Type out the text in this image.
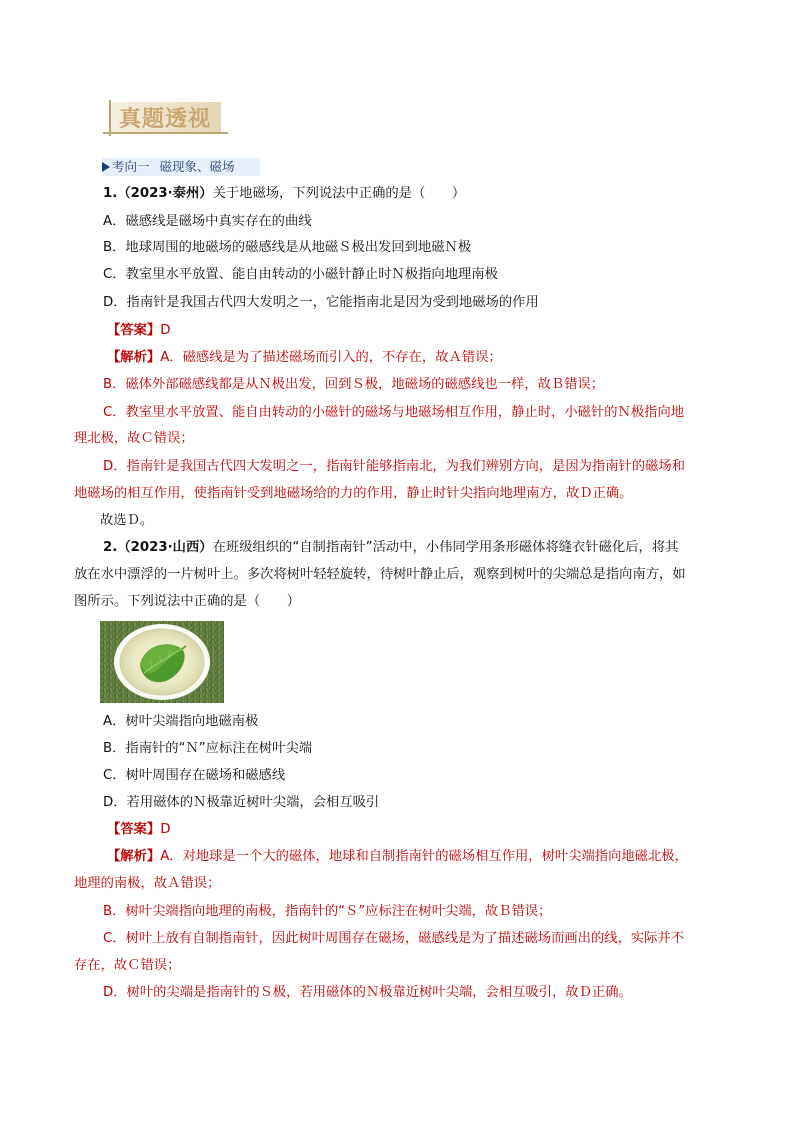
真题透视
考向一 磁现象、磁场
1.（2023·泰州）关于地磁场，下列说法中正确的是（　　）
A．磁感线是磁场中真实存在的曲线
B．地球周围的地磁场的磁感线是从地磁Ｓ极出发回到地磁Ｎ极
C．教室里水平放置、能自由转动的小磁针静止时Ｎ极指向地理南极
D．指南针是我国古代四大发明之一，它能指南北是因为受到地磁场的作用
【答案】D
【解析】A．磁感线是为了描述磁场而引入的，不存在，故Ａ错误；
B．磁体外部磁感线都是从Ｎ极出发，回到Ｓ极，地磁场的磁感线也一样，故Ｂ错误；
C．教室里水平放置、能自由转动的小磁针的磁场与地磁场相互作用，静止时，小磁针的Ｎ极指向地
理北极，故Ｃ错误；
D．指南针是我国古代四大发明之一，指南针能够指南北，为我们辨别方向，是因为指南针的磁场和
地磁场的相互作用，使指南针受到地磁场给的力的作用，静止时针尖指向地理南方，故Ｄ正确。
故选Ｄ。
2.（2023·山西）在班级组织的“自制指南针”活动中，小伟同学用条形磁体将缝衣针磁化后，将其
放在水中漂浮的一片树叶上。多次将树叶轻轻旋转，待树叶静止后，观察到树叶的尖端总是指向南方，如
图所示。下列说法中正确的是（　　）
A．树叶尖端指向地磁南极
B．指南针的“Ｎ”应标注在树叶尖端
C．树叶周围存在磁场和磁感线
D．若用磁体的Ｎ极靠近树叶尖端，会相互吸引
【答案】D
【解析】A．对地球是一个大的磁体，地球和自制指南针的磁场相互作用，树叶尖端指向地磁北极，
地理的南极，故Ａ错误；
B．树叶尖端指向地理的南极，指南针的“Ｓ”应标注在树叶尖端，故Ｂ错误；
C．树叶上放有自制指南针，因此树叶周围存在磁场，磁感线是为了描述磁场而画出的线，实际并不
存在，故Ｃ错误；
D．树叶的尖端是指南针的Ｓ极，若用磁体的Ｎ极靠近树叶尖端，会相互吸引，故Ｄ正确。
